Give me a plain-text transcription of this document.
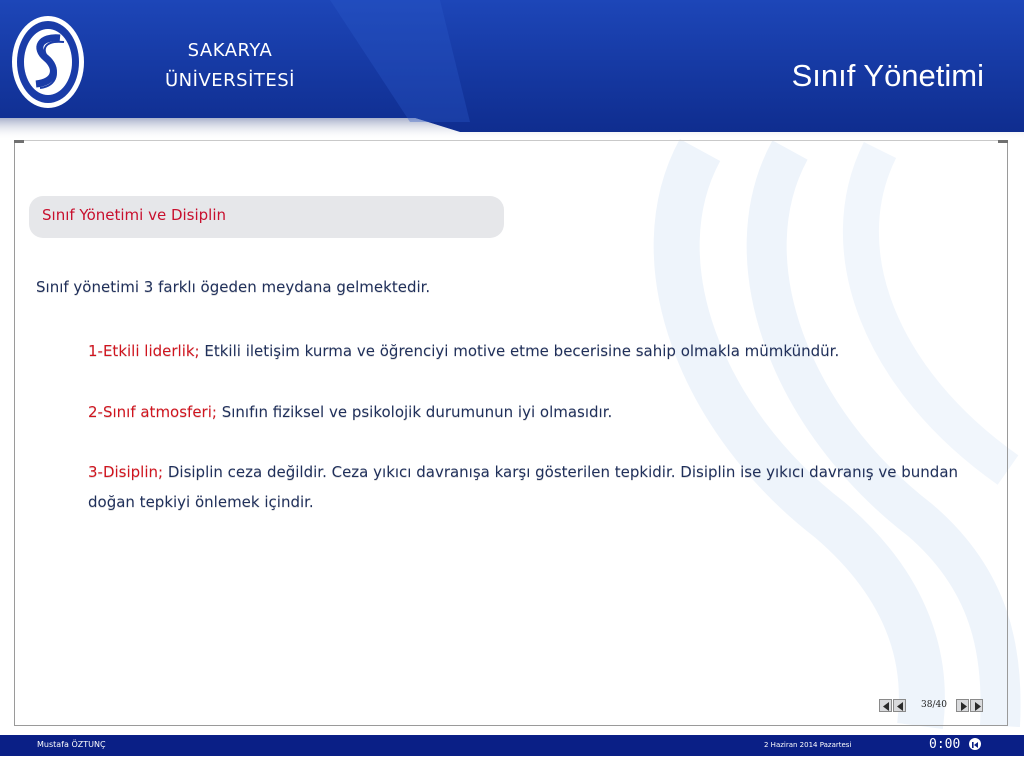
SAKARYA
ÜNİVERSİTESİ	Sınıf Yönetimi
Sınıf Yönetimi ve Disiplin
Sınıf yönetimi 3 farklı ögeden meydana gelmektedir.
1-Etkili liderlik; Etkili iletişim kurma ve öğrenciyi motive etme becerisine sahip olmakla mümkündür.
2-Sınıf atmosferi; Sınıfın fiziksel ve psikolojik durumunun iyi olmasıdır.
3-Disiplin; Disiplin ceza değildir. Ceza yıkıcı davranışa karşı gösterilen tepkidir. Disiplin ise yıkıcı davranış ve bundan doğan tepkiyi önlemek içindir.
38/40
Mustafa ÖZTUNÇ	2 Haziran 2014 Pazartesi	0:00
